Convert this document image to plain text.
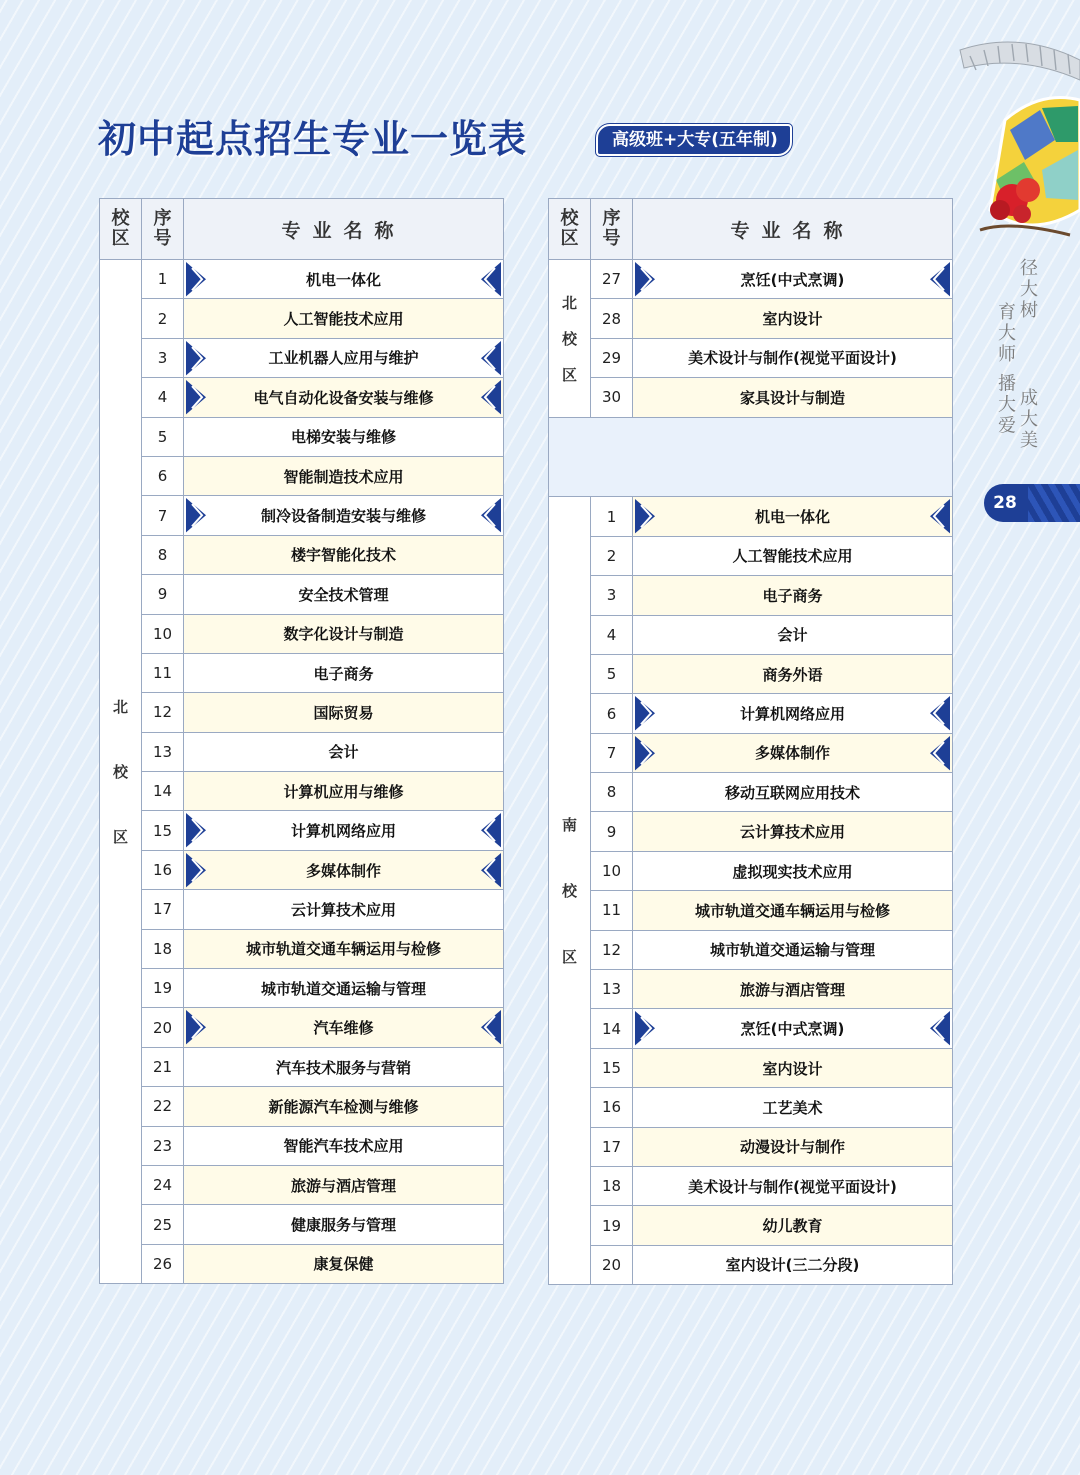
初中起点招生专业一览表	高级班+大专(五年制)
径大树
育大师 播大爱 成大美
28
校
区	序
号	专业名称

北
校
区	1	机电一体化

	2	人工智能技术应用
	3	工业机器人应用与维护

	4	电气自动化设备安装与维修

	5	电梯安装与维修
	6	智能制造技术应用
	7	制冷设备制造安装与维修

	8	楼宇智能化技术
	9	安全技术管理
	10	数字化设计与制造
	11	电子商务
	12	国际贸易
	13	会计
	14	计算机应用与维修
	15	计算机网络应用

	16	多媒体制作

	17	云计算技术应用
	18	城市轨道交通车辆运用与检修
	19	城市轨道交通运输与管理
	20	汽车维修

	21	汽车技术服务与营销
	22	新能源汽车检测与维修
	23	智能汽车技术应用
	24	旅游与酒店管理
	25	健康服务与管理
	26	康复保健
校
区	序
号	专业名称

北
校
区	27	烹饪(中式烹调)

	28	室内设计
	29	美术设计与制作(视觉平面设计)
	30	家具设计与制造

南
校
区	1	机电一体化

	2	人工智能技术应用
	3	电子商务
	4	会计
	5	商务外语
	6	计算机网络应用

	7	多媒体制作

	8	移动互联网应用技术
	9	云计算技术应用
	10	虚拟现实技术应用
	11	城市轨道交通车辆运用与检修
	12	城市轨道交通运输与管理
	13	旅游与酒店管理
	14	烹饪(中式烹调)

	15	室内设计
	16	工艺美术
	17	动漫设计与制作
	18	美术设计与制作(视觉平面设计)
	19	幼儿教育
	20	室内设计(三二分段)
